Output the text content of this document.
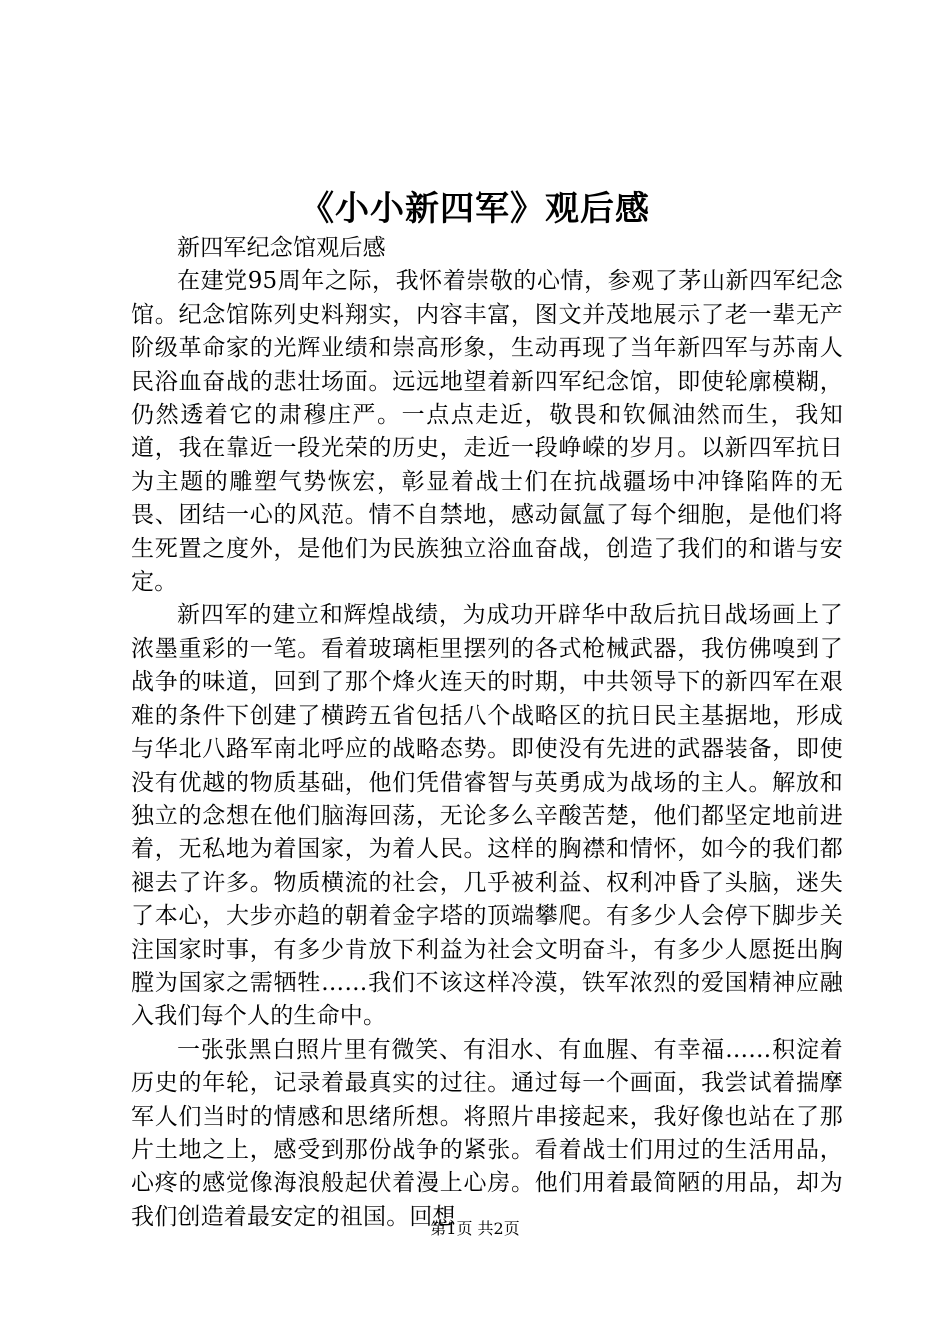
《小小新四军》观后感

新四军纪念馆观后感

在建党95周年之际，我怀着崇敬的心情，参观了茅山新四军纪念馆。纪念馆陈列史料翔实，内容丰富，图文并茂地展示了老一辈无产阶级革命家的光辉业绩和崇高形象，生动再现了当年新四军与苏南人民浴血奋战的悲壮场面。远远地望着新四军纪念馆，即使轮廓模糊，仍然透着它的肃穆庄严。一点点走近，敬畏和钦佩油然而生，我知道，我在靠近一段光荣的历史，走近一段峥嵘的岁月。以新四军抗日为主题的雕塑气势恢宏，彰显着战士们在抗战疆场中冲锋陷阵的无畏、团结一心的风范。情不自禁地，感动氤氲了每个细胞，是他们将生死置之度外，是他们为民族独立浴血奋战，创造了我们的和谐与安定。

新四军的建立和辉煌战绩，为成功开辟华中敌后抗日战场画上了浓墨重彩的一笔。看着玻璃柜里摆列的各式枪械武器，我仿佛嗅到了战争的味道，回到了那个烽火连天的时期，中共领导下的新四军在艰难的条件下创建了横跨五省包括八个战略区的抗日民主基据地，形成与华北八路军南北呼应的战略态势。即使没有先进的武器装备，即使没有优越的物质基础，他们凭借睿智与英勇成为战场的主人。解放和独立的念想在他们脑海回荡，无论多么辛酸苦楚，他们都坚定地前进着，无私地为着国家，为着人民。这样的胸襟和情怀，如今的我们都褪去了许多。物质横流的社会，几乎被利益、权利冲昏了头脑，迷失了本心，大步亦趋的朝着金字塔的顶端攀爬。有多少人会停下脚步关注国家时事，有多少肯放下利益为社会文明奋斗，有多少人愿挺出胸膛为国家之需牺牲……我们不该这样冷漠，铁军浓烈的爱国精神应融入我们每个人的生命中。

一张张黑白照片里有微笑、有泪水、有血腥、有幸福……积淀着历史的年轮，记录着最真实的过往。通过每一个画面，我尝试着揣摩军人们当时的情感和思绪所想。将照片串接起来，我好像也站在了那片土地之上，感受到那份战争的紧张。看着战士们用过的生活用品，心疼的感觉像海浪般起伏着漫上心房。他们用着最简陋的用品，却为我们创造着最安定的祖国。回想

第1页 共2页
